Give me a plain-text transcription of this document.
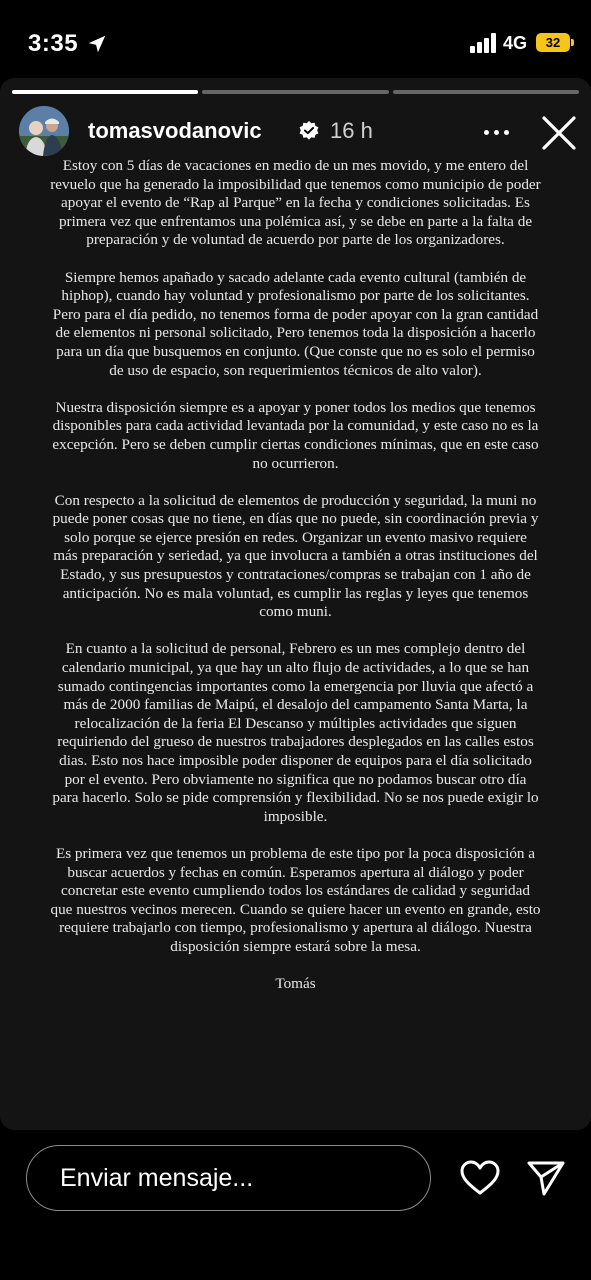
3:35	4G	32
tomasvodanovic	16 h

Estoy con 5 días de vacaciones en medio de un mes movido, y me entero del revuelo que ha generado la imposibilidad que tenemos como municipio de poder apoyar el evento de “Rap al Parque” en la fecha y condiciones solicitadas. Es primera vez que enfrentamos una polémica así, y se debe en parte a la falta de preparación y de voluntad de acuerdo por parte de los organizadores.

Siempre hemos apañado y sacado adelante cada evento cultural (también de hiphop), cuando hay voluntad y profesionalismo por parte de los solicitantes. Pero para el día pedido, no tenemos forma de poder apoyar con la gran cantidad de elementos ni personal solicitado, Pero tenemos toda la disposición a hacerlo para un día que busquemos en conjunto. (Que conste que no es solo el permiso de uso de espacio, son requerimientos técnicos de alto valor).

Nuestra disposición siempre es a apoyar y poner todos los medios que tenemos disponibles para cada actividad levantada por la comunidad, y este caso no es la excepción. Pero se deben cumplir ciertas condiciones mínimas, que en este caso no ocurrieron.

Con respecto a la solicitud de elementos de producción y seguridad, la muni no puede poner cosas que no tiene, en días que no puede, sin coordinación previa y solo porque se ejerce presión en redes. Organizar un evento masivo requiere más preparación y seriedad, ya que involucra a también a otras instituciones del Estado, y sus presupuestos y contrataciones/compras se trabajan con 1 año de anticipación. No es mala voluntad, es cumplir las reglas y leyes que tenemos como muni.

En cuanto a la solicitud de personal, Febrero es un mes complejo dentro del calendario municipal, ya que hay un alto flujo de actividades, a lo que se han sumado contingencias importantes como la emergencia por lluvia que afectó a más de 2000 familias de Maipú, el desalojo del campamento Santa Marta, la relocalización de la feria El Descanso y múltiples actividades que siguen requiriendo del grueso de nuestros trabajadores desplegados en las calles estos dias. Esto nos hace imposible poder disponer de equipos para el día solicitado por el evento. Pero obviamente no significa que no podamos buscar otro día para hacerlo. Solo se pide comprensión y flexibilidad. No se nos puede exigir lo imposible.

Es primera vez que tenemos un problema de este tipo por la poca disposición a buscar acuerdos y fechas en común. Esperamos apertura al diálogo y poder concretar este evento cumpliendo todos los estándares de calidad y seguridad que nuestros vecinos merecen. Cuando se quiere hacer un evento en grande, esto requiere trabajarlo con tiempo, profesionalismo y apertura al diálogo. Nuestra disposición siempre estará sobre la mesa.

Tomás

Enviar mensaje...
